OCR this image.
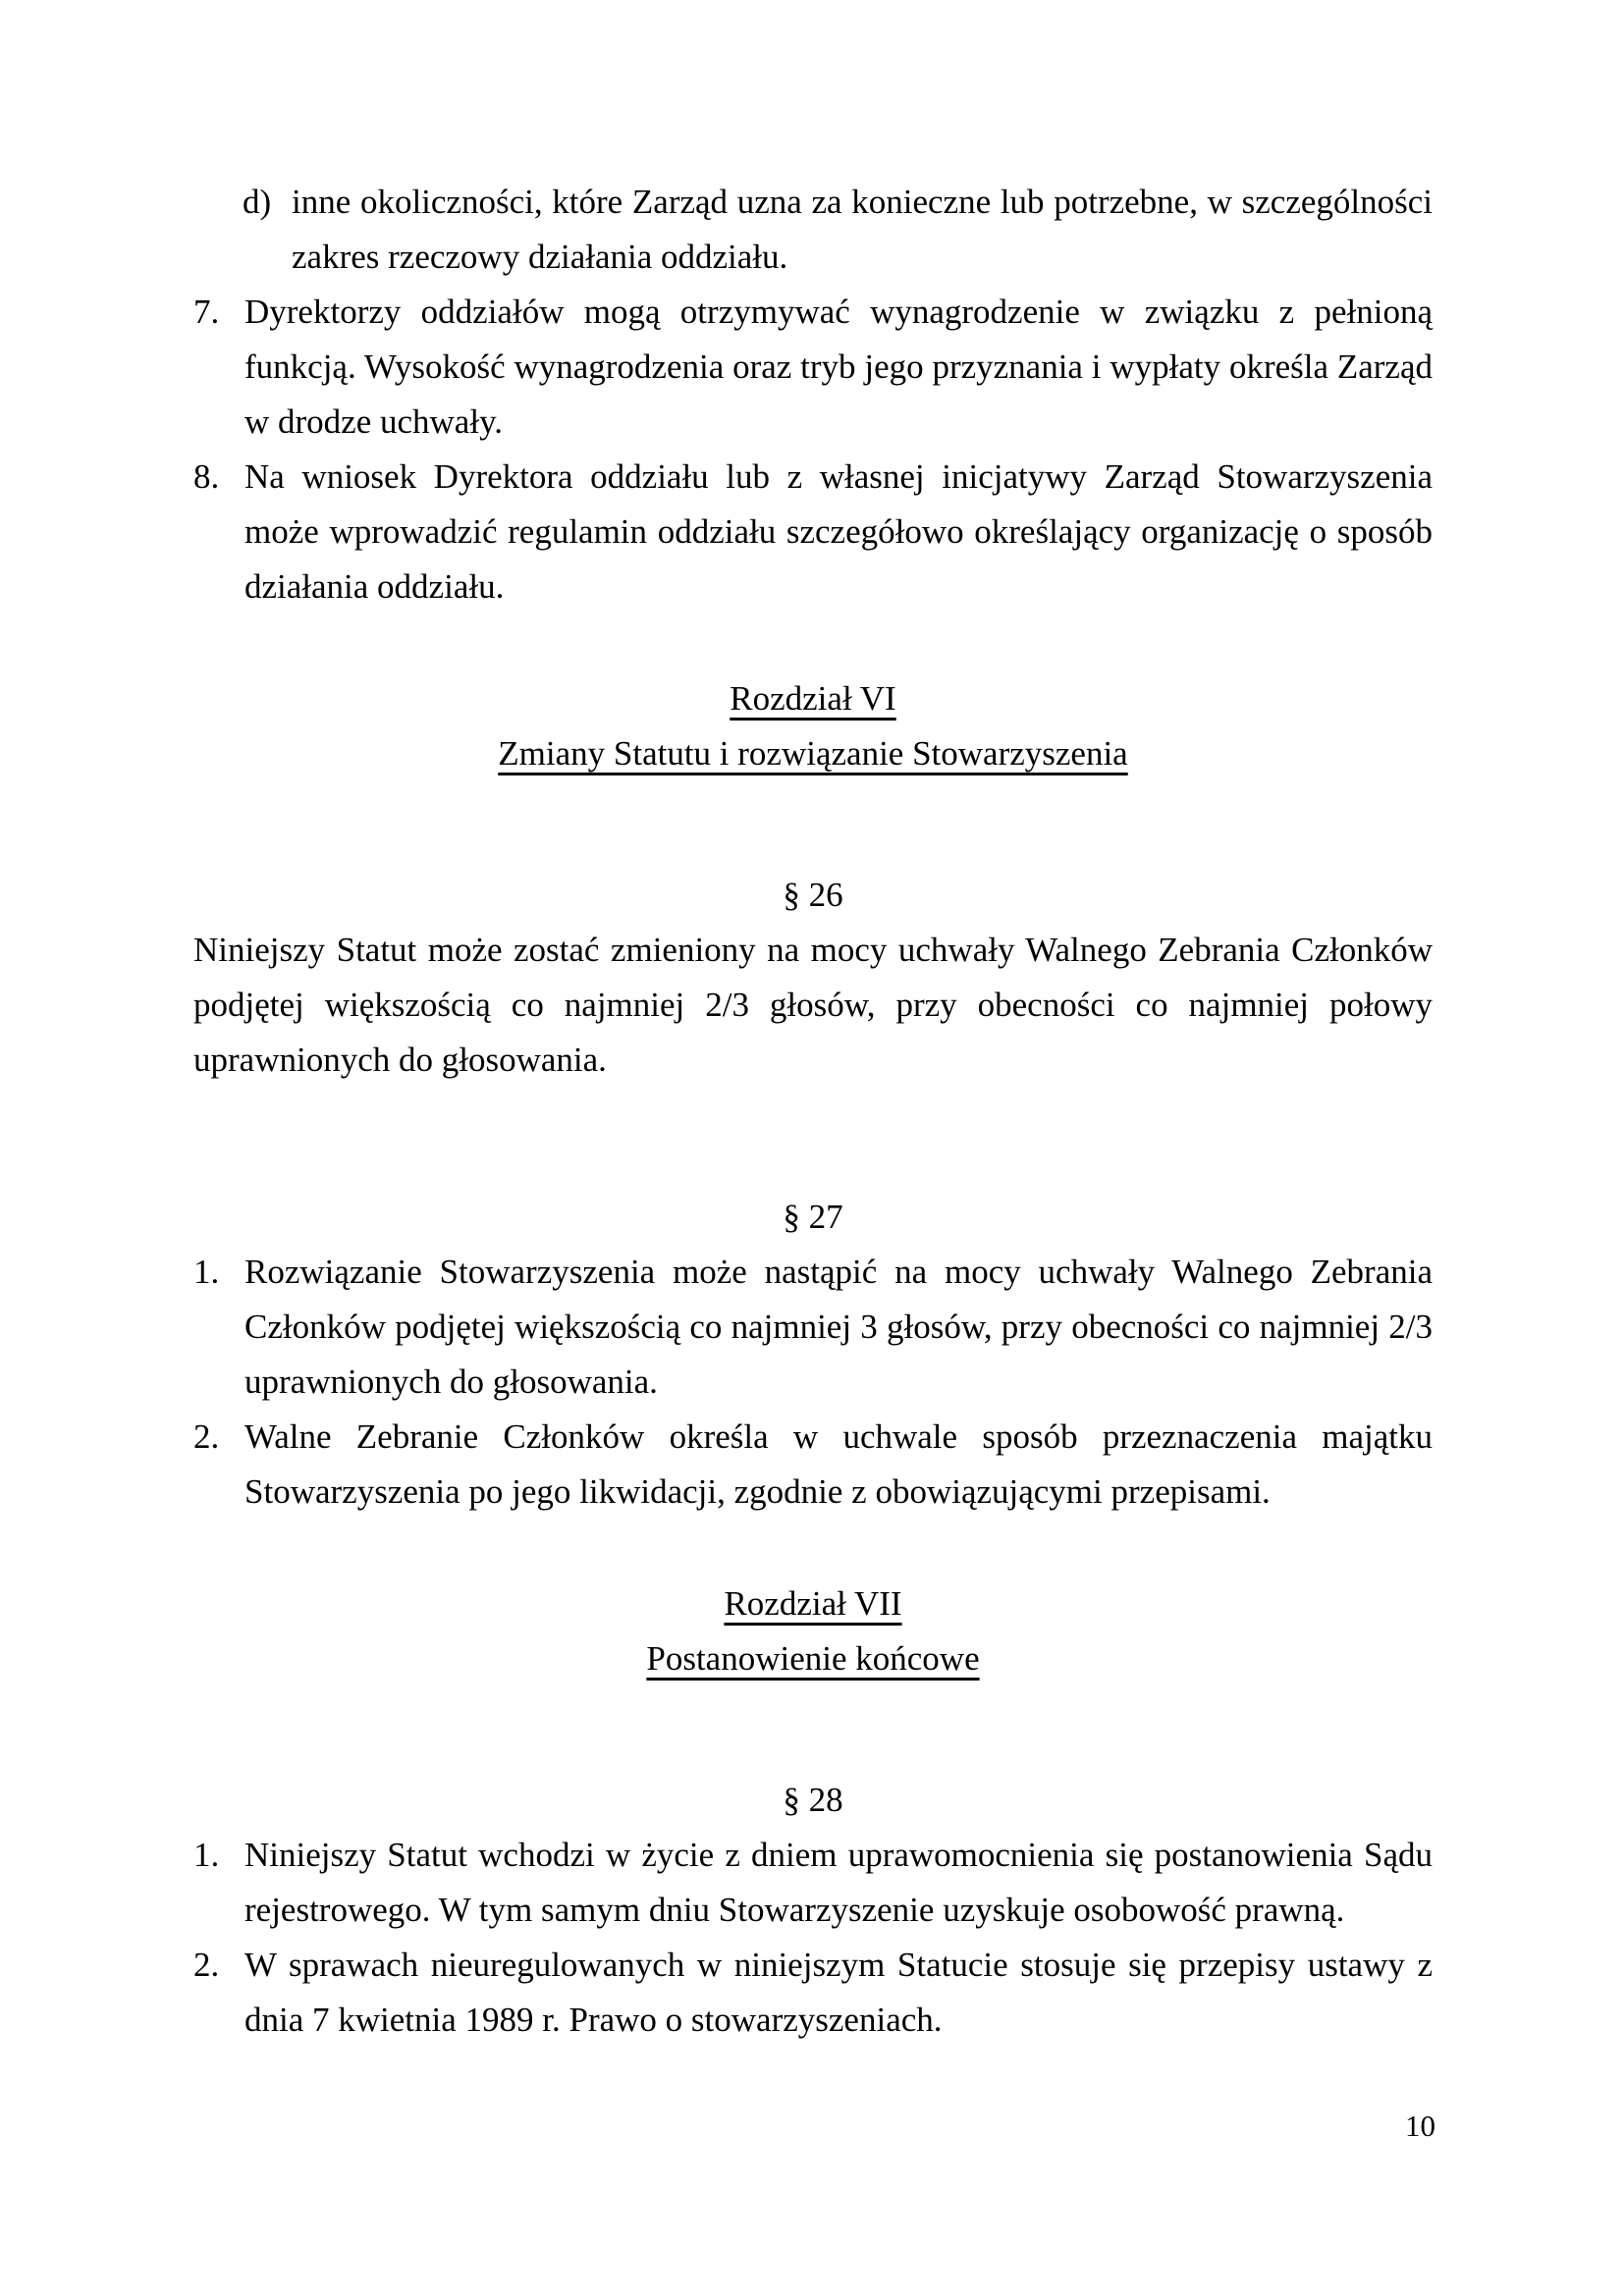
d) inne okoliczności, które Zarząd uzna za konieczne lub potrzebne, w szczególności zakres rzeczowy działania oddziału.
7. Dyrektorzy oddziałów mogą otrzymywać wynagrodzenie w związku z pełnioną funkcją. Wysokość wynagrodzenia oraz tryb jego przyznania i wypłaty określa Zarząd w drodze uchwały.
8. Na wniosek Dyrektora oddziału lub z własnej inicjatywy Zarząd Stowarzyszenia może wprowadzić regulamin oddziału szczegółowo określający organizację o sposób działania oddziału.
Rozdział VI
Zmiany Statutu i rozwiązanie Stowarzyszenia
§ 26
Niniejszy Statut może zostać zmieniony na mocy uchwały Walnego Zebrania Członków podjętej większością co najmniej 2/3 głosów, przy obecności co najmniej połowy uprawnionych do głosowania.
§ 27
1. Rozwiązanie Stowarzyszenia może nastąpić na mocy uchwały Walnego Zebrania Członków podjętej większością co najmniej 3 głosów, przy obecności co najmniej 2/3 uprawnionych do głosowania.
2. Walne Zebranie Członków określa w uchwale sposób przeznaczenia majątku Stowarzyszenia po jego likwidacji, zgodnie z obowiązującymi przepisami.
Rozdział VII
Postanowienie końcowe
§ 28
1. Niniejszy Statut wchodzi w życie z dniem uprawomocnienia się postanowienia Sądu rejestrowego. W tym samym dniu Stowarzyszenie uzyskuje osobowość prawną.
2. W sprawach nieuregulowanych w niniejszym Statucie stosuje się przepisy ustawy z dnia 7 kwietnia 1989 r. Prawo o stowarzyszeniach.
10
